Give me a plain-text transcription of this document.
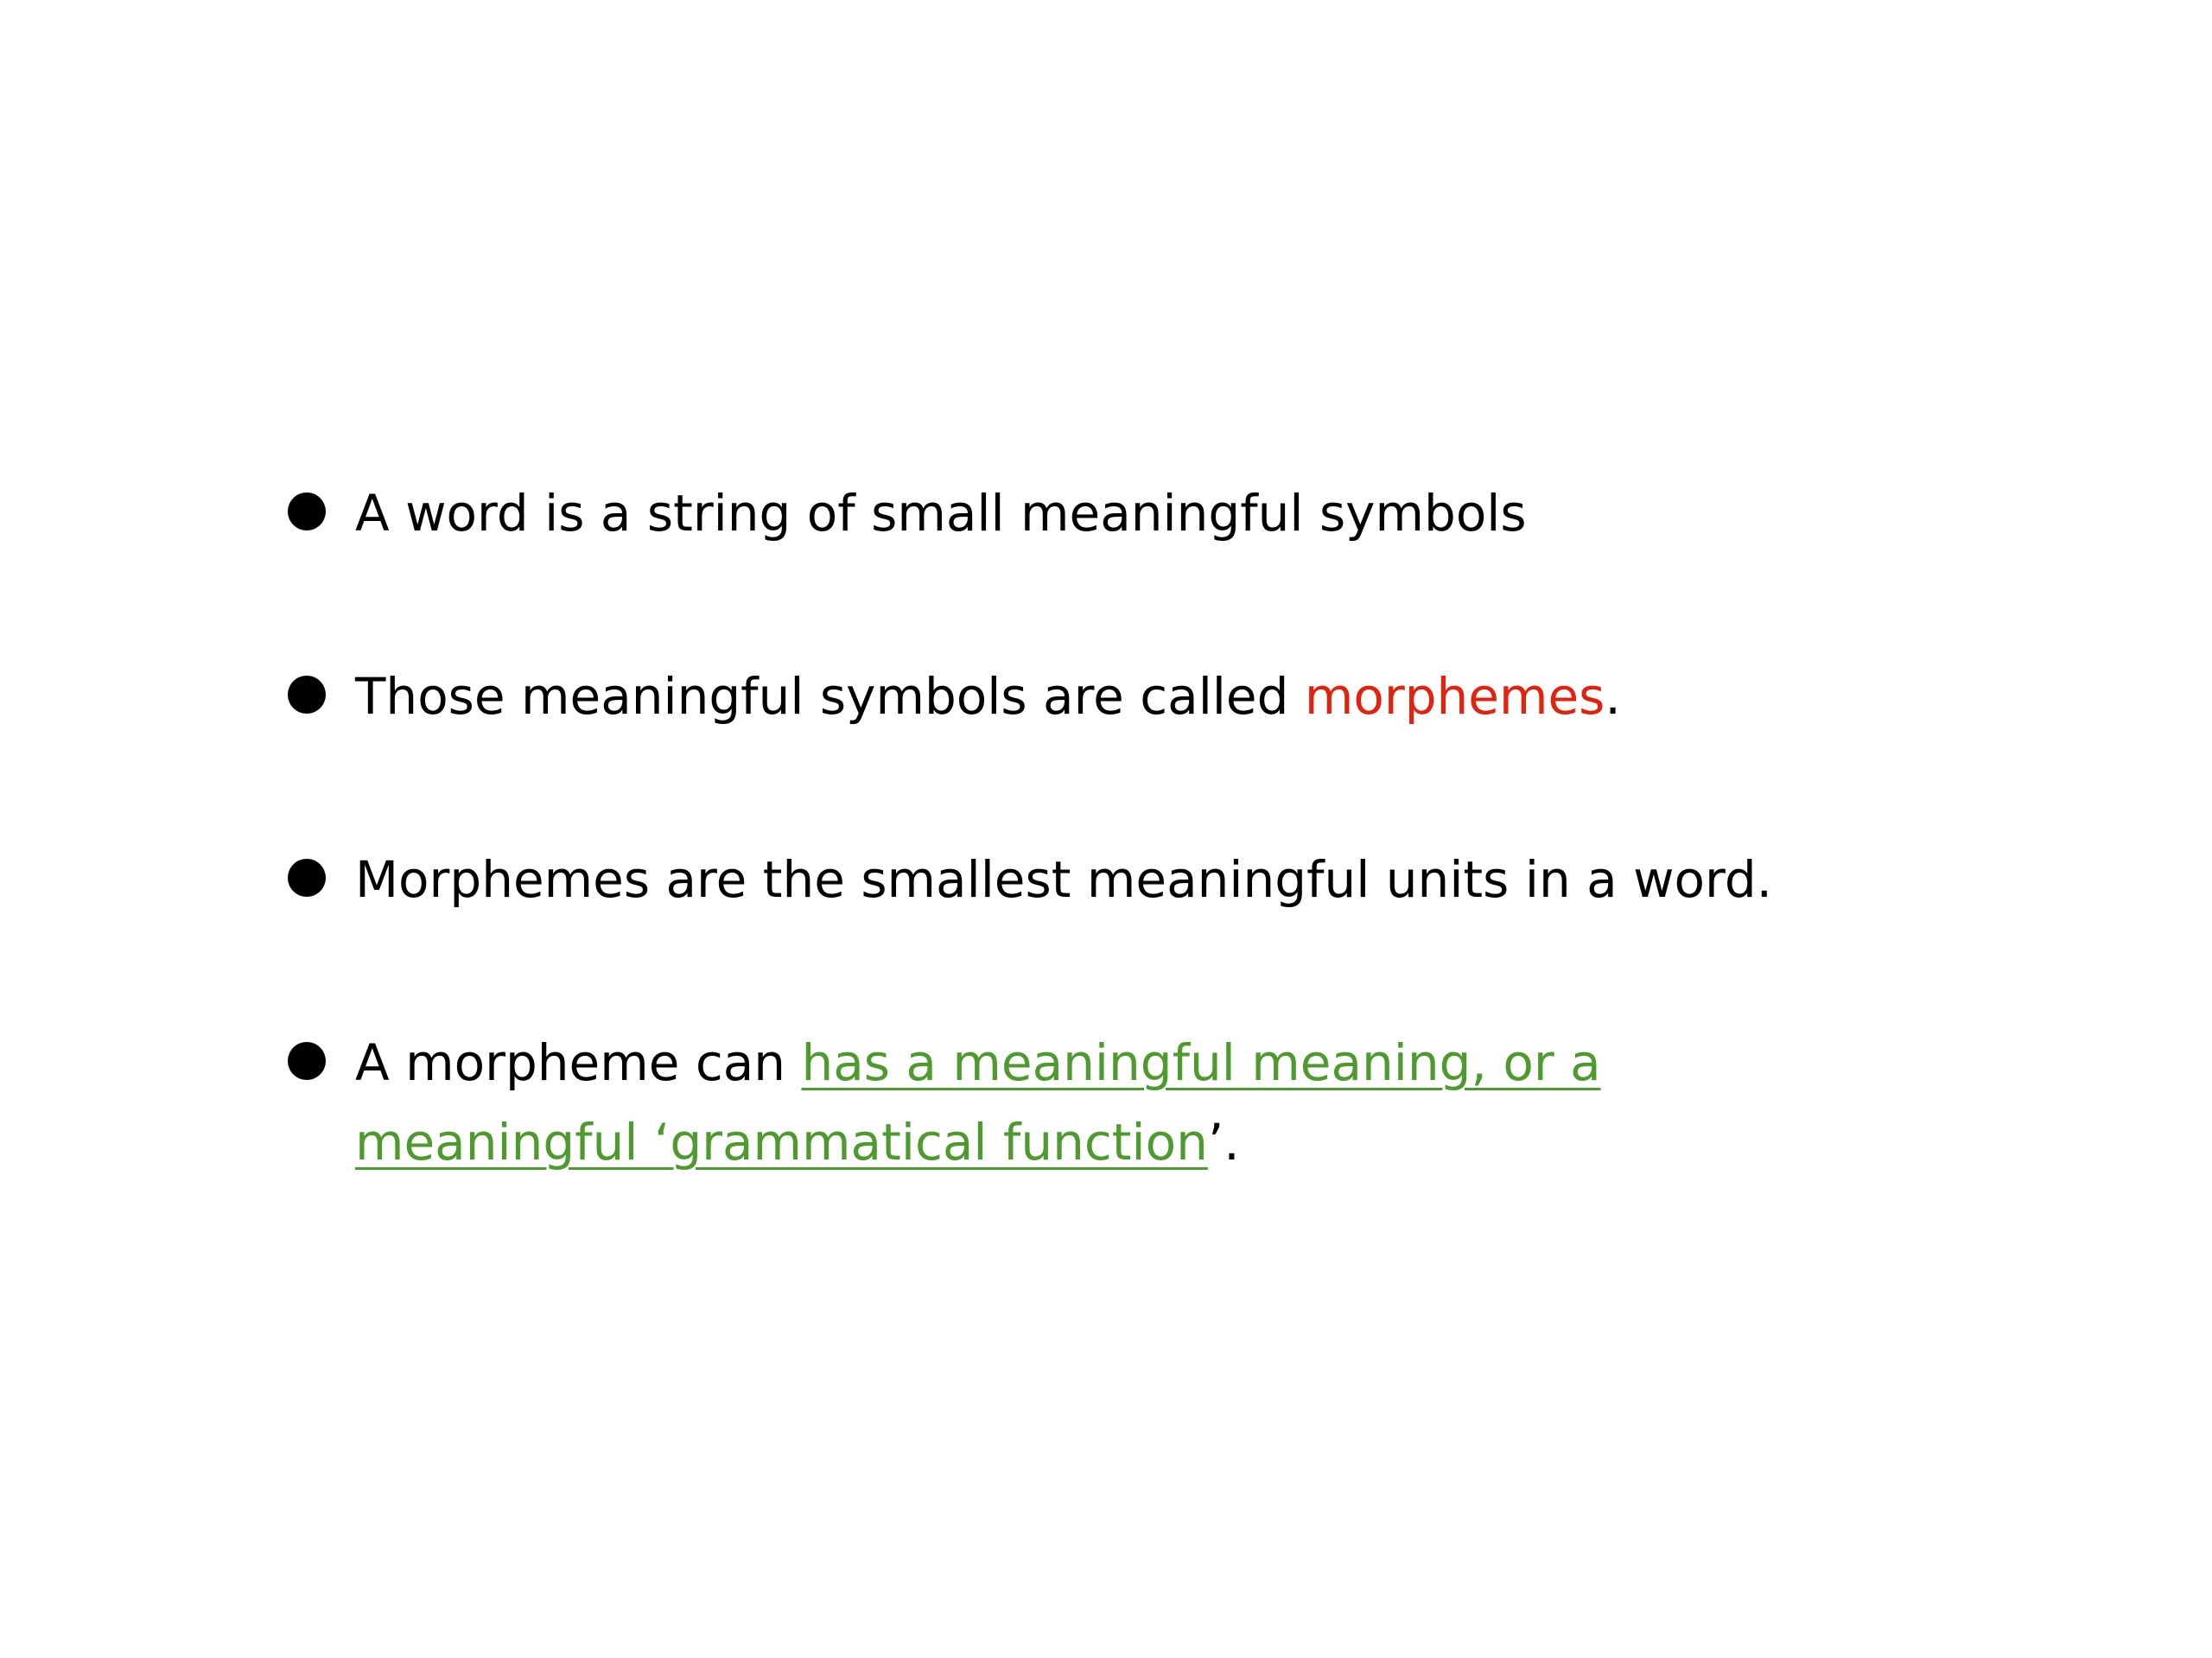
A word is a string of small meaningful symbols
Those meaningful symbols are called morphemes.
Morphemes are the smallest meaningful units in a word.
A morpheme can has a meaningful meaning, or a meaningful ‘grammatical function’.
